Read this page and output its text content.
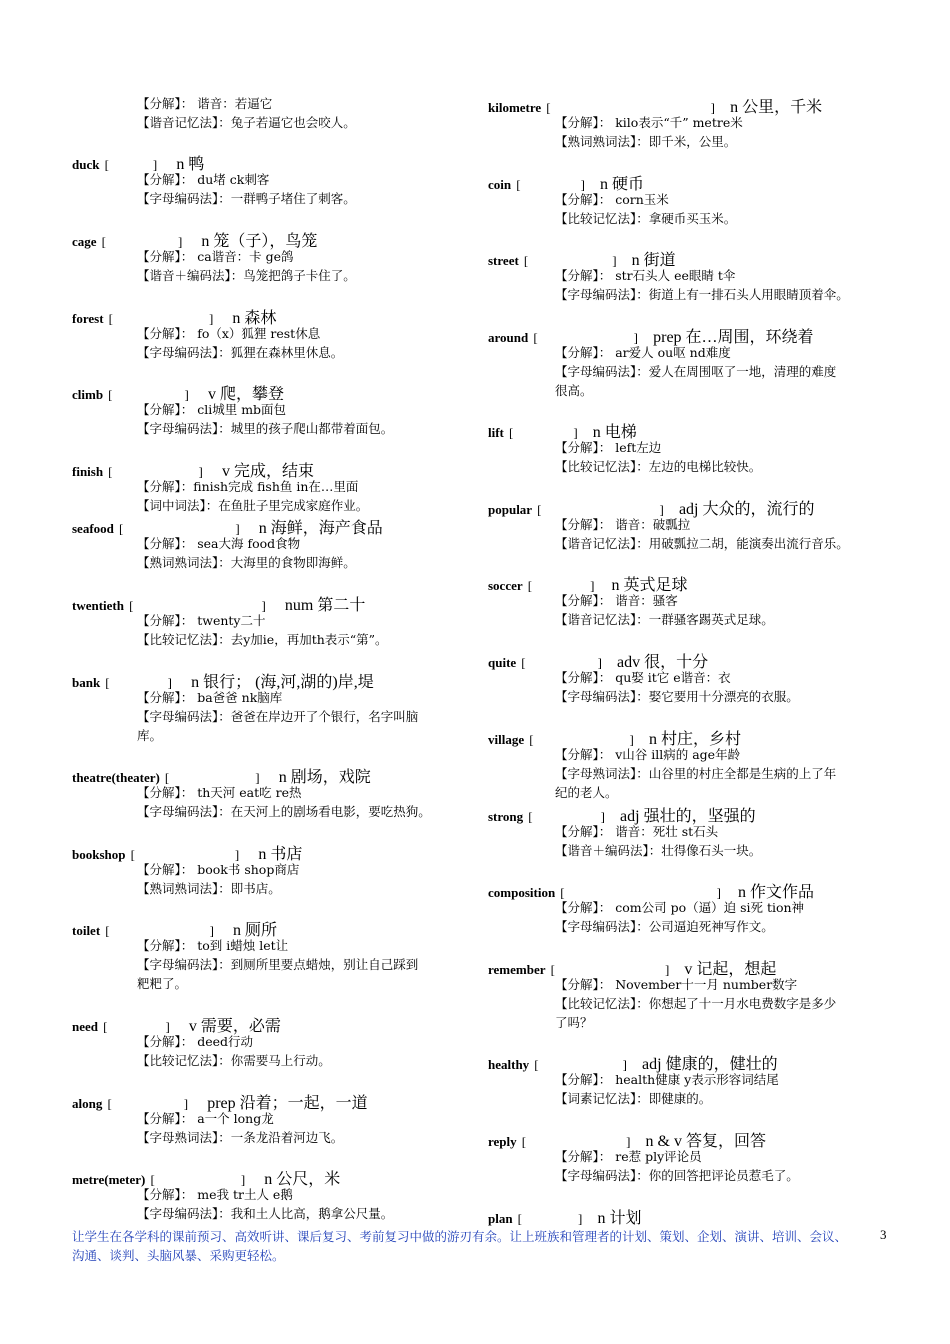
【分解】： 谐音：若逼它
【谐音记忆法】：兔子若逼它也会咬人。
duck [	] n 鸭
【分解】： du堵 ck刺客
【字母编码法】：一群鸭子堵住了刺客。
cage [	] n 笼（子），鸟笼
【分解】： ca谐音：卡 ge鸽
【谐音＋编码法】：鸟笼把鸽子卡住了。
forest [	] n 森林
【分解】： fo（x）狐狸 rest休息
【字母编码法】：狐狸在森林里休息。
climb [	] v 爬，攀登
【分解】： cli城里 mb面包
【字母编码法】：城里的孩子爬山都带着面包。
finish [	] v 完成，结束
【分解】：finish完成 fish鱼 in在…里面
【词中词法】：在鱼肚子里完成家庭作业。
seafood [	] n 海鲜，海产食品
【分解】： sea大海 food食物
【熟词熟词法】：大海里的食物即海鲜。
twentieth [	] num 第二十
【分解】： twenty二十
【比较记忆法】：去y加ie，再加th表示“第”。
bank [	] n 银行； (海,河,湖的)岸,堤
【分解】： ba爸爸 nk脑库
【字母编码法】：爸爸在岸边开了个银行，名字叫脑
库。
theatre(theater) [	] n 剧场，戏院
【分解】： th天河 eat吃 re热
【字母编码法】：在天河上的剧场看电影，要吃热狗。
bookshop [	] n 书店
【分解】： book书 shop商店
【熟词熟词法】：即书店。
toilet [	] n 厕所
【分解】： to到 i蜡烛 let让
【字母编码法】：到厕所里要点蜡烛，别让自己踩到
粑粑了。
need [	] v 需要，必需
【分解】： deed行动
【比较记忆法】：你需要马上行动。
along [	] prep 沿着；一起，一道
【分解】： a一个 long龙
【字母熟词法】：一条龙沿着河边飞。
metre(meter) [	] n 公尺，米
【分解】： me我 tr土人 e鹅
【字母编码法】：我和土人比高，鹅拿公尺量。
kilometre [	] n 公里，千米
【分解】： kilo表示“千” metre米
【熟词熟词法】：即千米，公里。
coin [	] n 硬币
【分解】： corn玉米
【比较记忆法】：拿硬币买玉米。
street [	] n 街道
【分解】： str石头人 ee眼睛 t伞
【字母编码法】：街道上有一排石头人用眼睛顶着伞。
around [	] prep 在…周围，环绕着
【分解】： ar爱人 ou呕 nd难度
【字母编码法】：爱人在周围呕了一地，清理的难度
很高。
lift [	] n 电梯
【分解】： left左边
【比较记忆法】：左边的电梯比较快。
popular [	] adj 大众的，流行的
【分解】： 谐音：破瓢拉
【谐音记忆法】：用破瓢拉二胡，能演奏出流行音乐。
soccer [	] n 英式足球
【分解】： 谐音：骚客
【谐音记忆法】：一群骚客踢英式足球。
quite [	] adv 很，十分
【分解】： qu娶 it它 e谐音：衣
【字母编码法】：娶它要用十分漂亮的衣服。
village [	] n 村庄，乡村
【分解】： v山谷 ill病的 age年龄
【字母熟词法】：山谷里的村庄全都是生病的上了年
纪的老人。
strong [	] adj 强壮的，坚强的
【分解】： 谐音：死壮 st石头
【谐音＋编码法】：壮得像石头一块。
composition [	] n 作文作品
【分解】： com公司 po（逼）迫 si死 tion神
【字母编码法】：公司逼迫死神写作文。
remember [	] v 记起，想起
【分解】： November十一月 number数字
【比较记忆法】：你想起了十一月水电费数字是多少
了吗？
healthy [	] adj 健康的，健壮的
【分解】： health健康 y表示形容词结尾
【词素记忆法】：即健康的。
reply [	] n & v 答复，回答
【分解】： re惹 ply评论员
【字母编码法】：你的回答把评论员惹毛了。
plan [	] n 计划
让学生在各学科的课前预习、高效听讲、课后复习、考前复习中做的游刃有余。让上班族和管理者的计划、策划、企划、演讲、培训、会议、沟通、谈判、头脑风暴、采购更轻松。
3
